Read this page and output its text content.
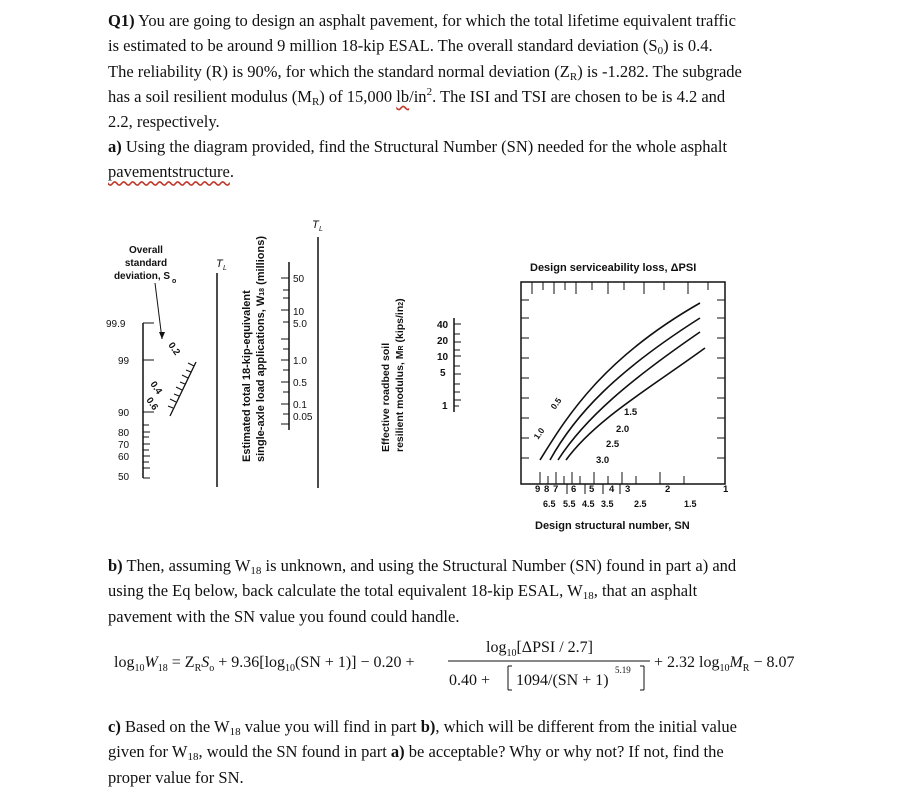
Q1) You are going to design an asphalt pavement, for which the total lifetime equivalent traffic
is estimated to be around 9 million 18-kip ESAL. The overall standard deviation $(S_0)$ is 0.4.
The reliability (R) is 90%, for which the standard normal deviation $(Z_R)$ is -1.282. The subgrade
has a soil resilient modulus $(M_R)$ of 15,000 $lb/in^2$. The ISI and TSI are chosen to be is 4.2 and
2.2, respectively.

a) Using the diagram provided, find the Structural Number (SN) needed for the whole asphalt
pavementstructure.

Overall
standard
deviation, S o
99.9
99
90
80
70
60
50
0.2
0.4
0.6
T L
Estimated total 18-kip-equivalent single-axle load applications, W18 (millions)	50
10
5.0
1.0
0.5
0.1
0.05
T L
Effective roadbed soil resilient modulus, MR (kips/in2)
40
20
10
5
1
Design serviceability loss, ΔPSI
0.5
1.0
1.5
2.0
2.5
3.0
9 8 7 6 5 4 3	2	1
6.5 5.5 4.5 3.5 2.5	1.5
Design structural number, SN

b) Then, assuming $W_{18}$ is unknown, and using the Structural Number (SN) found in part a) and
using the Eq below, back calculate the total equivalent 18-kip ESAL, $W_{18}$, that an asphalt
pavement with the SN value you found could handle.

$\log_{10}W_{18} = Z_RS_o + 9.36[\log_{10}(SN + 1)] - 0.20$ +
$\log_{10}[\Delta PSI / 2.7]$
0.40 + 1094/(SN + 1)
5.19 + 2.32 $\log_{10}M_R - 8.07$

c) Based on the $W_{18}$ value you will find in part b), which will be different from the initial value
given for $W_{18}$, would the SN found in part a) be acceptable? Why or why not? If not, find the
proper value for SN.
